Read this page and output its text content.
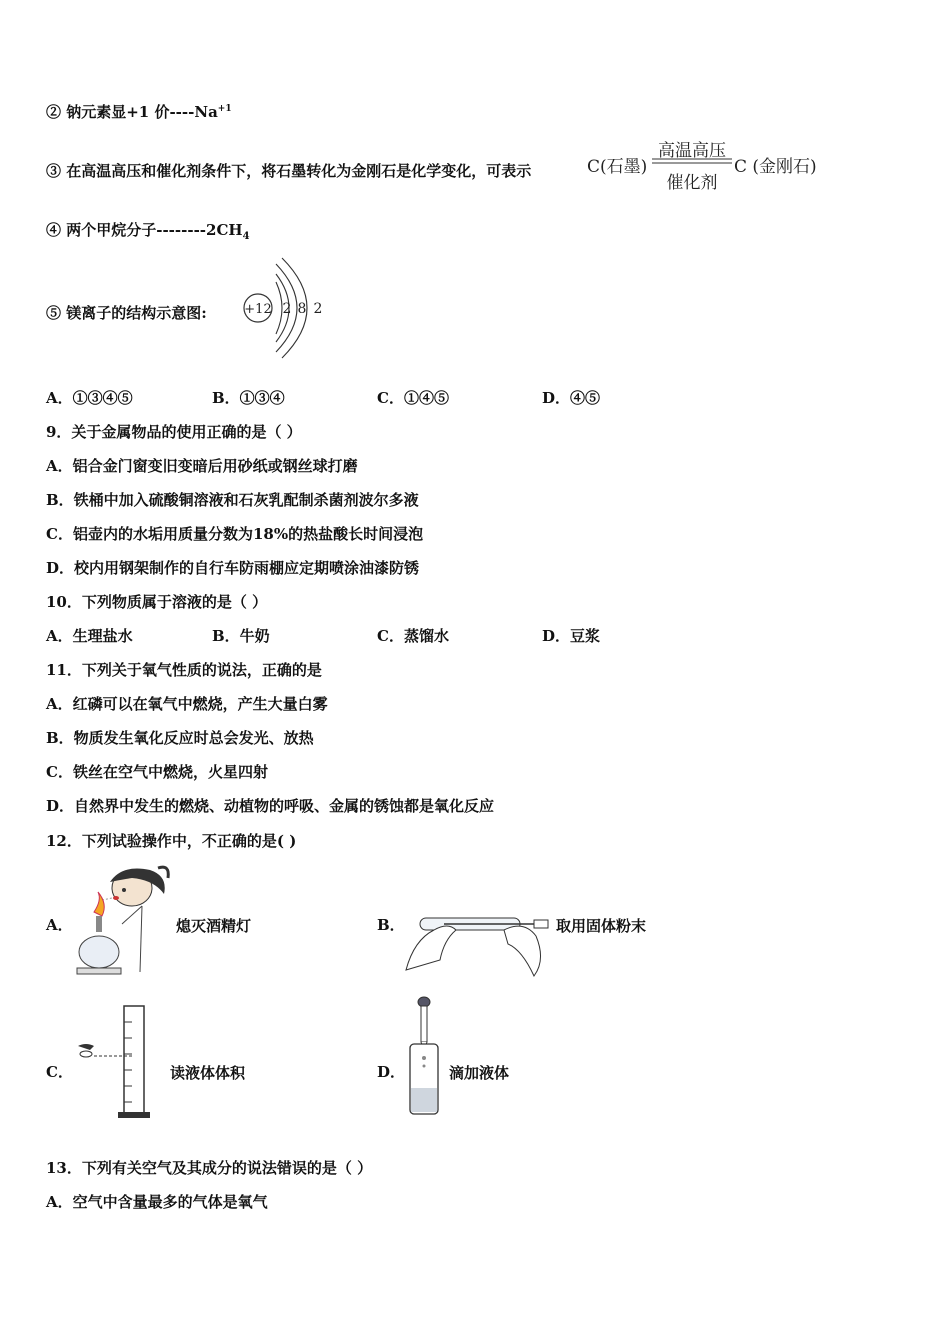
② 钠元素显+1 价$----Na^{+1}$
③ 在高温高压和催化剂条件下，将石墨转化为金刚石是化学变化，可表示	C(石墨)
高温高压
催化剂
C (金刚石)
④ 两个甲烷分子$--------2CH_4$
⑤ 镁离子的结构示意图:	+12 2 8 2
A．①③④⑤	B．①③④	C．①④⑤	D．④⑤
9．关于金属物品的使用正确的是（ ）
A．铝合金门窗变旧变暗后用砂纸或钢丝球打磨
B．铁桶中加入硫酸铜溶液和石灰乳配制杀菌剂波尔多液
C．铝壶内的水垢用质量分数为18%的热盐酸长时间浸泡
D．校内用钢架制作的自行车防雨棚应定期喷涂油漆防锈
10．下列物质属于溶液的是（ ）
A．生理盐水	B．牛奶	C．蒸馏水	D．豆浆
11．下列关于氧气性质的说法，正确的是
A．红磷可以在氧气中燃烧，产生大量白雾
B．物质发生氧化反应时总会发光、放热
C．铁丝在空气中燃烧，火星四射
D．自然界中发生的燃烧、动植物的呼吸、金属的锈蚀都是氧化反应
12．下列试验操作中，不正确的是( )
A．	熄灭酒精灯	B．	取用固体粉末
C．	读液体体积	D．	滴加液体
13．下列有关空气及其成分的说法错误的是（ ）
A．空气中含量最多的气体是氧气
